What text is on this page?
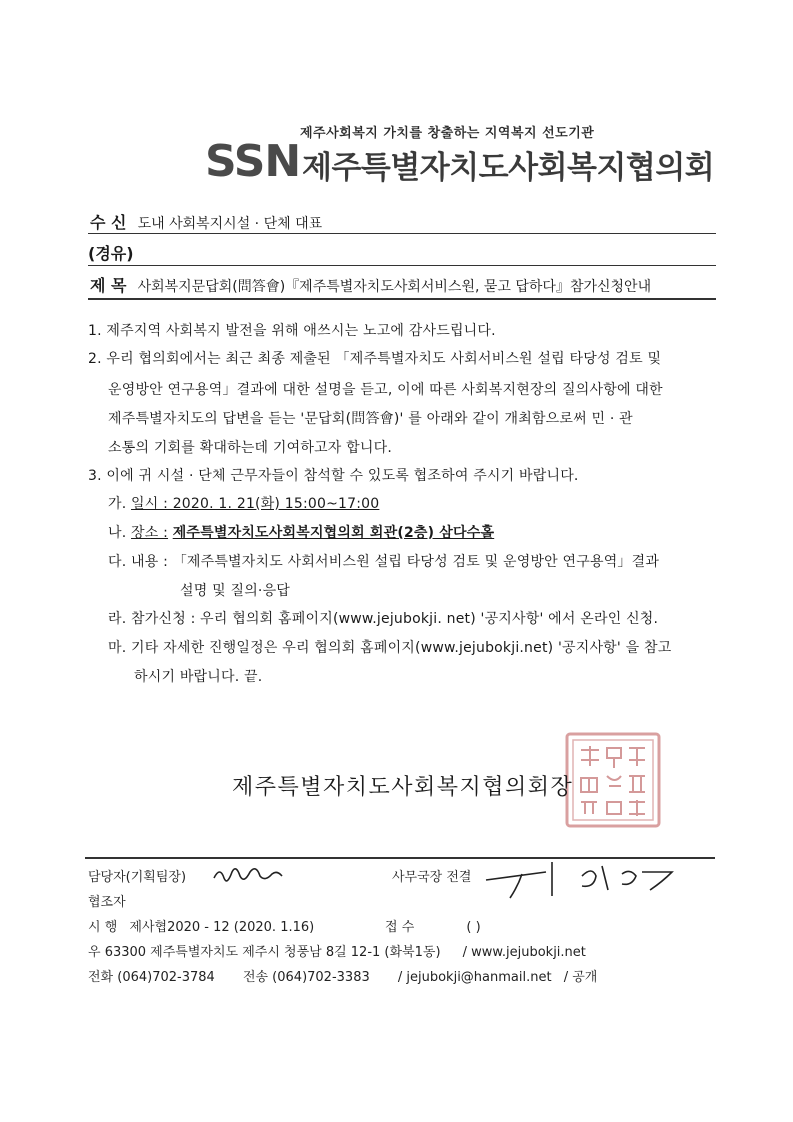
제주사회복지 가치를 창출하는 지역복지 선도기관
SSN 제주특별자치도사회복지협의회
수 신 도내 사회복지시설 · 단체 대표
(경유)
제 목 사회복지문답회(問答會)『제주특별자치도사회서비스원, 묻고 답하다』참가신청안내
1. 제주지역 사회복지 발전을 위해 애쓰시는 노고에 감사드립니다.
2. 우리 협의회에서는 최근 최종 제출된 「제주특별자치도 사회서비스원 설립 타당성 검토 및
운영방안 연구용역」결과에 대한 설명을 듣고, 이에 따른 사회복지현장의 질의사항에 대한
제주특별자치도의 답변을 듣는 '문답회(問答會)' 를 아래와 같이 개최함으로써 민 · 관
소통의 기회를 확대하는데 기여하고자 합니다.
3. 이에 귀 시설 · 단체 근무자들이 참석할 수 있도록 협조하여 주시기 바랍니다.
가. 일시 : 2020. 1. 21(화) 15:00~17:00
나. 장소 : 제주특별자치도사회복지협의회 회관(2층) 삼다수홀
다. 내용 : 「제주특별자치도 사회서비스원 설립 타당성 검토 및 운영방안 연구용역」결과
설명 및 질의·응답
라. 참가신청 : 우리 협의회 홈페이지(www.jejubokji. net) '공지사항' 에서 온라인 신청.
마. 기타 자세한 진행일정은 우리 협의회 홈페이지(www.jejubokji.net) '공지사항' 을 참고
하시기 바랍니다. 끝.
제주특별자치도사회복지협의회장
담당자(기획팀장)	사무국장 전결
협조자
시 행 제사협2020 - 12 (2020. 1.16)	접 수	( )
우 63300 제주특별자치도 제주시 청풍남 8길 12-1 (화북1동) / www.jejubokji.net
전화 (064)702-3784 전송 (064)702-3383 / jejubokji@hanmail.net / 공개
